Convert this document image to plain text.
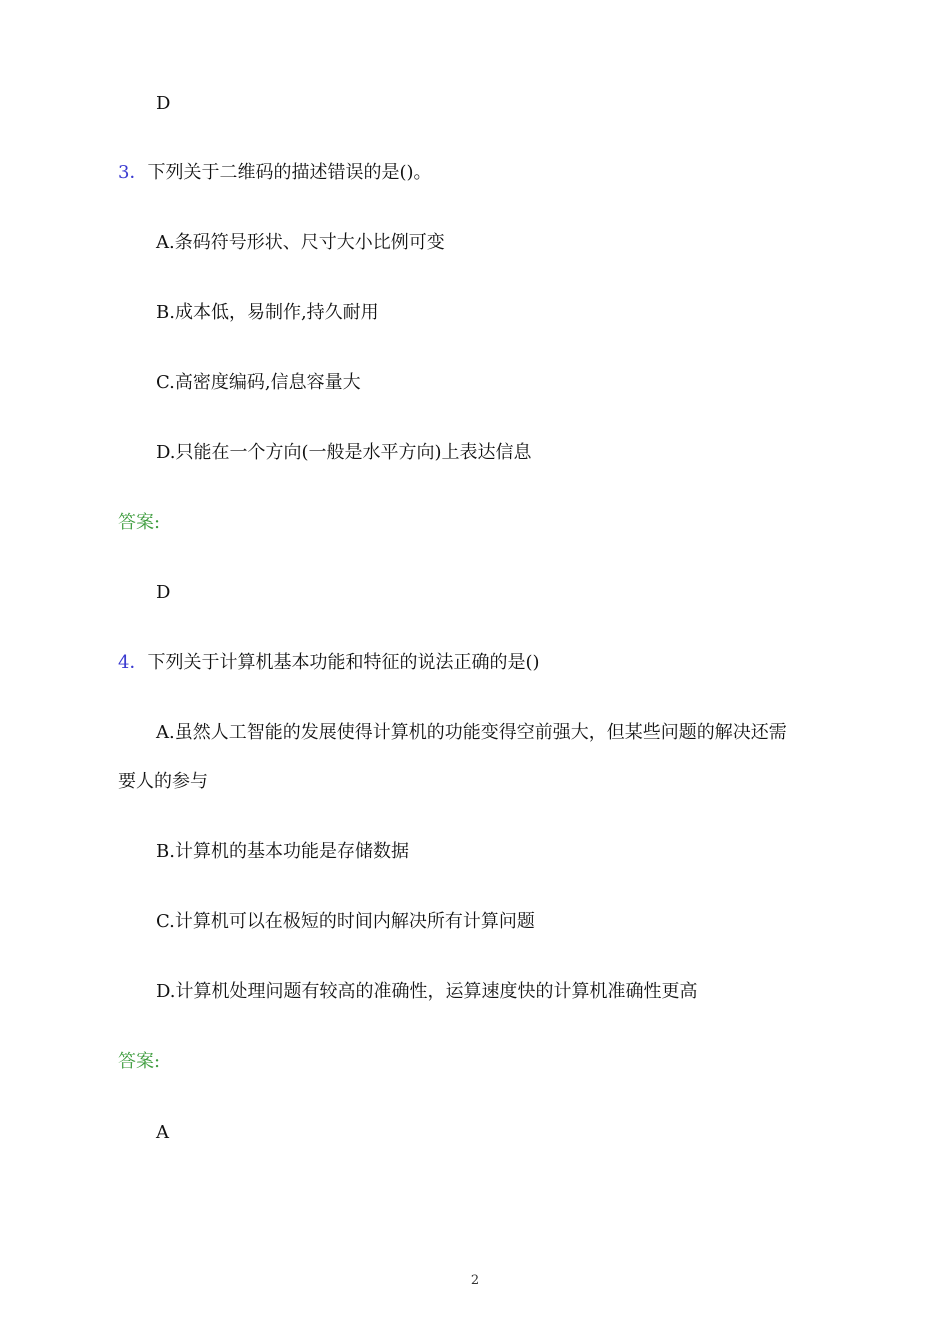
D
3．下列关于二维码的描述错误的是()。
A.条码符号形状、尺寸大小比例可变
B.成本低，易制作,持久耐用
C.高密度编码,信息容量大
D.只能在一个方向(一般是水平方向)上表达信息
答案:
D
4．下列关于计算机基本功能和特征的说法正确的是()
A.虽然人工智能的发展使得计算机的功能变得空前强大，但某些问题的解决还需
要人的参与
B.计算机的基本功能是存储数据
C.计算机可以在极短的时间内解决所有计算问题
D.计算机处理问题有较高的准确性，运算速度快的计算机准确性更高
答案:
A
2
